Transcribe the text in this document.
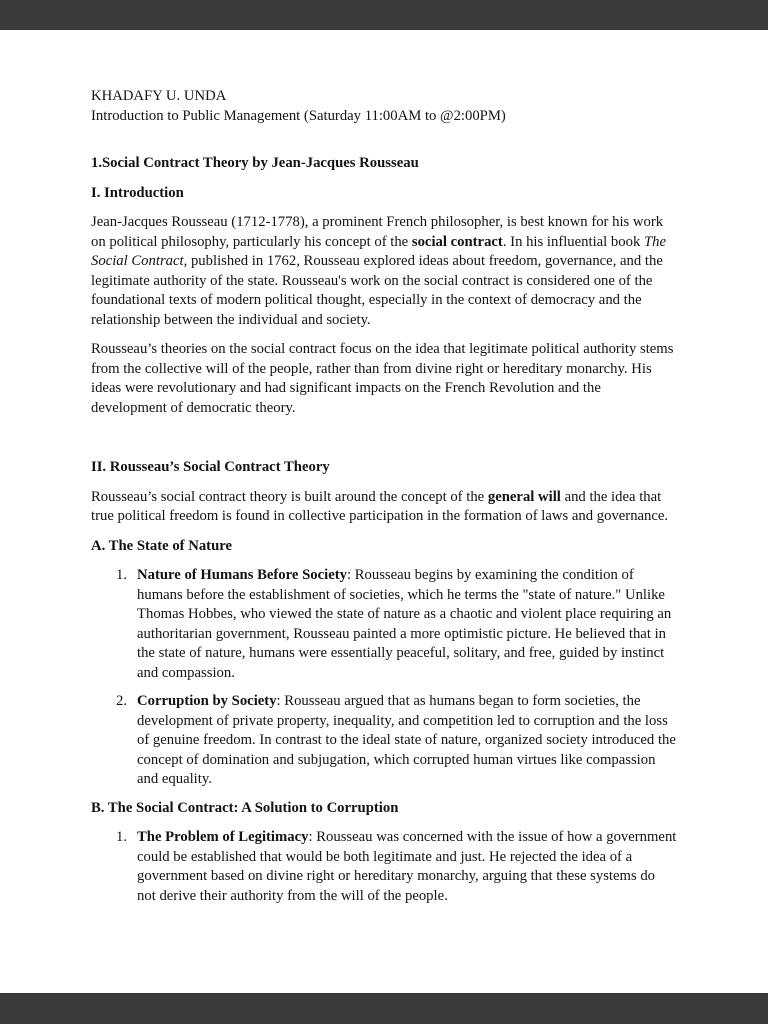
KHADAFY U. UNDA

Introduction to Public Management (Saturday 11:00AM to @2:00PM)

1.Social Contract Theory by Jean-Jacques Rousseau

I. Introduction

Jean-Jacques Rousseau (1712-1778), a prominent French philosopher, is best known for his work on political philosophy, particularly his concept of the social contract. In his influential book The Social Contract, published in 1762, Rousseau explored ideas about freedom, governance, and the legitimate authority of the state. Rousseau's work on the social contract is considered one of the foundational texts of modern political thought, especially in the context of democracy and the relationship between the individual and society.

Rousseau’s theories on the social contract focus on the idea that legitimate political authority stems from the collective will of the people, rather than from divine right or hereditary monarchy. His ideas were revolutionary and had significant impacts on the French Revolution and the development of democratic theory.

II. Rousseau’s Social Contract Theory

Rousseau’s social contract theory is built around the concept of the general will and the idea that true political freedom is found in collective participation in the formation of laws and governance.

A. The State of Nature

1. Nature of Humans Before Society: Rousseau begins by examining the condition of humans before the establishment of societies, which he terms the "state of nature." Unlike Thomas Hobbes, who viewed the state of nature as a chaotic and violent place requiring an authoritarian government, Rousseau painted a more optimistic picture. He believed that in the state of nature, humans were essentially peaceful, solitary, and free, guided by instinct and compassion.
2. Corruption by Society: Rousseau argued that as humans began to form societies, the development of private property, inequality, and competition led to corruption and the loss of genuine freedom. In contrast to the ideal state of nature, organized society introduced the concept of domination and subjugation, which corrupted human virtues like compassion and equality.

B. The Social Contract: A Solution to Corruption

1. The Problem of Legitimacy: Rousseau was concerned with the issue of how a government could be established that would be both legitimate and just. He rejected the idea of a government based on divine right or hereditary monarchy, arguing that these systems do not derive their authority from the will of the people.
